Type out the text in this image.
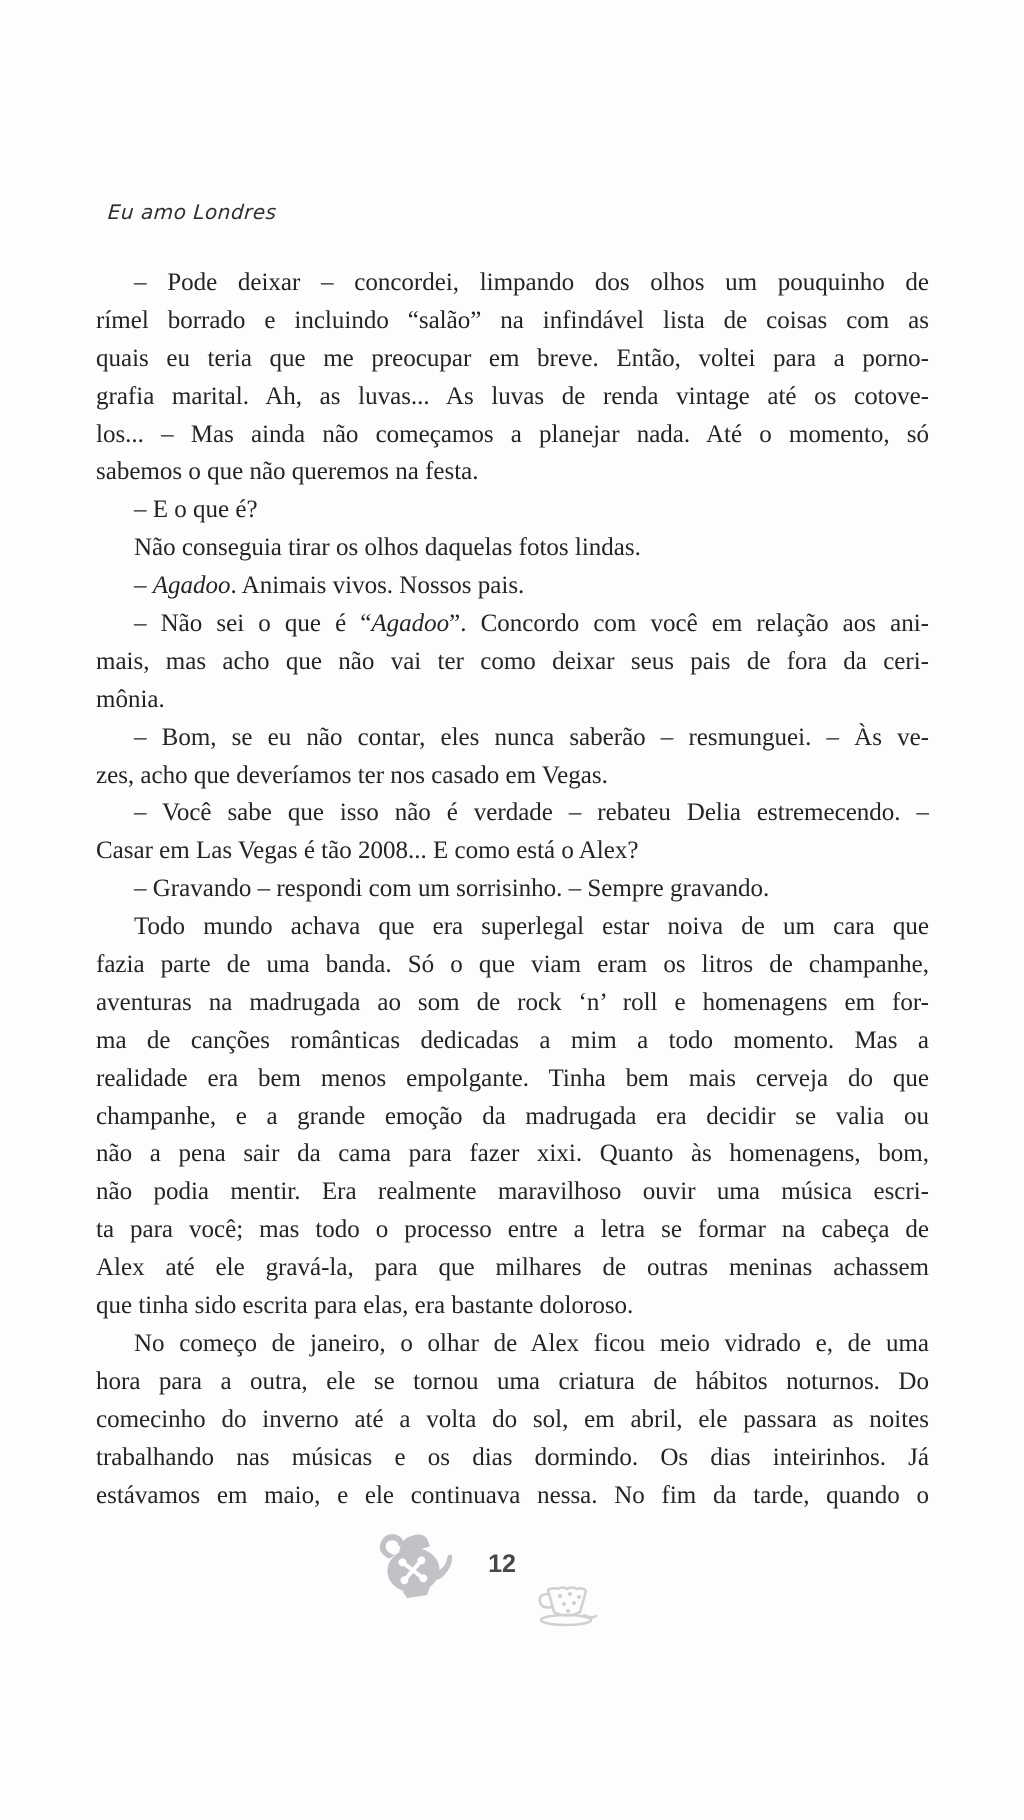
Eu amo Londres
– Pode deixar – concordei, limpando dos olhos um pouquinho de
rímel borrado e incluindo “salão” na infindável lista de coisas com as
quais eu teria que me preocupar em breve. Então, voltei para a porno-
grafia marital. Ah, as luvas... As luvas de renda vintage até os cotove-
los... – Mas ainda não começamos a planejar nada. Até o momento, só
sabemos o que não queremos na festa.
– E o que é?
Não conseguia tirar os olhos daquelas fotos lindas.
– Agadoo. Animais vivos. Nossos pais.
– Não sei o que é “Agadoo”. Concordo com você em relação aos ani-
mais, mas acho que não vai ter como deixar seus pais de fora da ceri-
mônia.
– Bom, se eu não contar, eles nunca saberão – resmunguei. – Às ve-
zes, acho que deveríamos ter nos casado em Vegas.
– Você sabe que isso não é verdade – rebateu Delia estremecendo. –
Casar em Las Vegas é tão 2008... E como está o Alex?
– Gravando – respondi com um sorrisinho. – Sempre gravando.
Todo mundo achava que era superlegal estar noiva de um cara que
fazia parte de uma banda. Só o que viam eram os litros de champanhe,
aventuras na madrugada ao som de rock ‘n’ roll e homenagens em for-
ma de canções românticas dedicadas a mim a todo momento. Mas a
realidade era bem menos empolgante. Tinha bem mais cerveja do que
champanhe, e a grande emoção da madrugada era decidir se valia ou
não a pena sair da cama para fazer xixi. Quanto às homenagens, bom,
não podia mentir. Era realmente maravilhoso ouvir uma música escri-
ta para você; mas todo o processo entre a letra se formar na cabeça de
Alex até ele gravá-la, para que milhares de outras meninas achassem
que tinha sido escrita para elas, era bastante doloroso.
No começo de janeiro, o olhar de Alex ficou meio vidrado e, de uma
hora para a outra, ele se tornou uma criatura de hábitos noturnos. Do
comecinho do inverno até a volta do sol, em abril, ele passara as noites
trabalhando nas músicas e os dias dormindo. Os dias inteirinhos. Já
estávamos em maio, e ele continuava nessa. No fim da tarde, quando o
12
